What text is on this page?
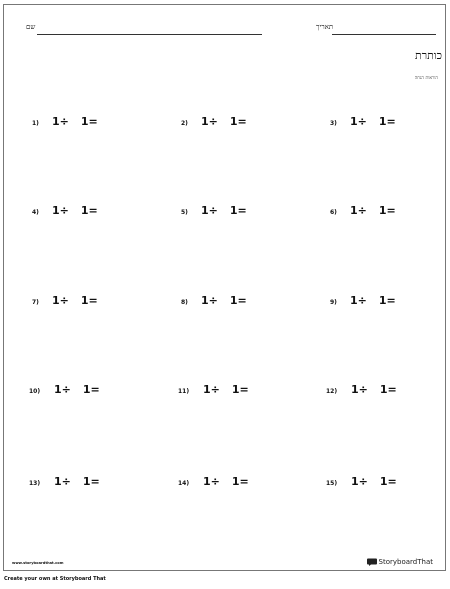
שם	תאריך
כותרת
הוראות הנחה
1)	1÷ 1=	2)	1÷ 1=	3)	1÷ 1=
4)	1÷ 1=	5)	1÷ 1=	6)	1÷ 1=
7)	1÷ 1=	8)	1÷ 1=	9)	1÷ 1=
10)	1÷ 1=	11)	1÷ 1=	12)	1÷ 1=
13)	1÷ 1=	14)	1÷ 1=	15)	1÷ 1=
www.storyboardthat.com	StoryboardThat
Create your own at Storyboard That
